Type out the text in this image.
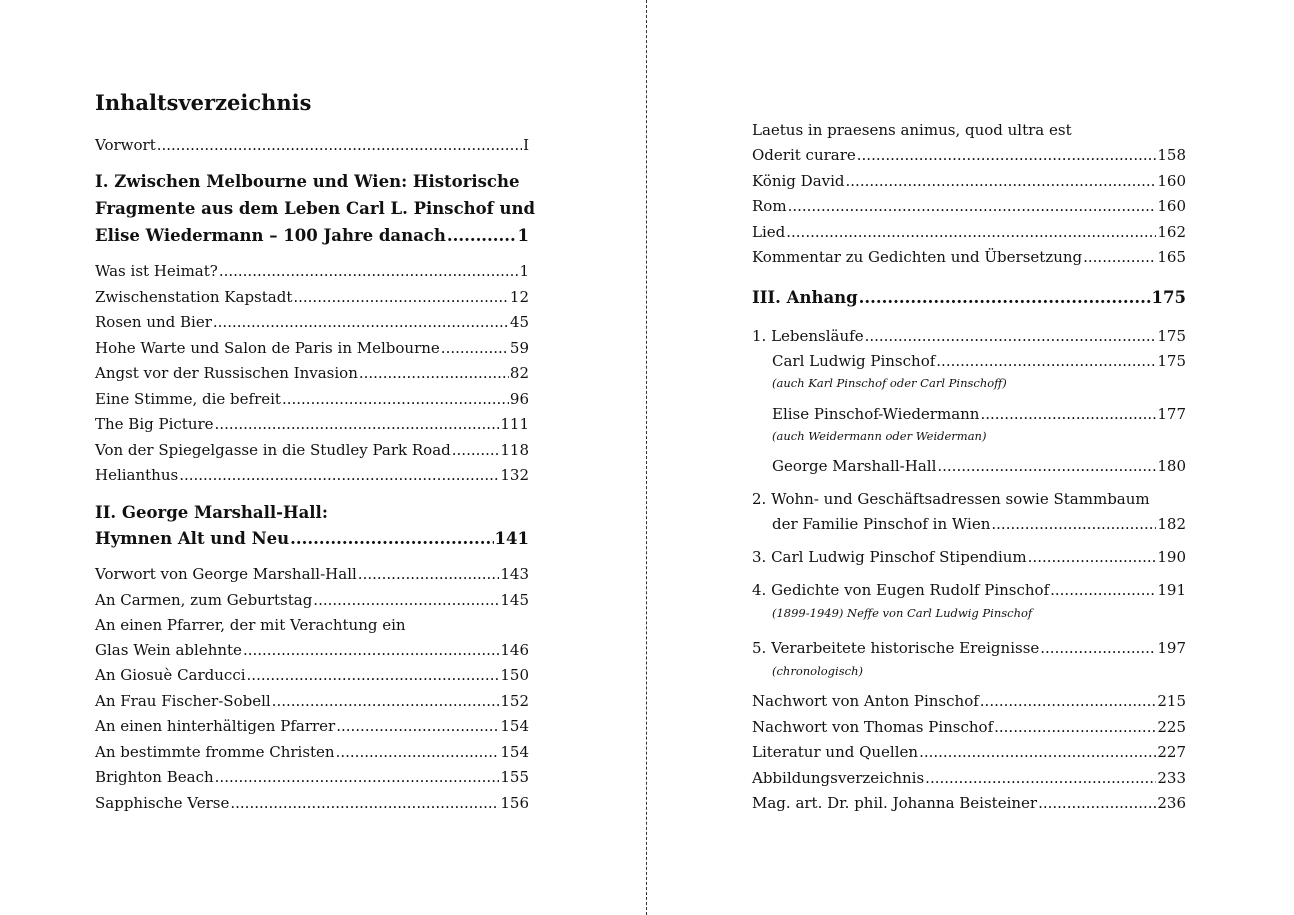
Inhaltsverzeichnis
Vorwort .....	I
I. Zwischen Melbourne und Wien: Historische
Fragmente aus dem Leben Carl L. Pinschof und
Elise Wiedermann – 100 Jahre danach .....	1
Was ist Heimat? .....	1
Zwischenstation Kapstadt .....	12
Rosen und Bier .....	45
Hohe Warte und Salon de Paris in Melbourne .....	59
Angst vor der Russischen Invasion .....	82
Eine Stimme, die befreit .....	96
The Big Picture .....	111
Von der Spiegelgasse in die Studley Park Road .....	118
Helianthus .....	132
II. George Marshall-Hall:
Hymnen Alt und Neu .....	141
Vorwort von George Marshall-Hall .....	143
An Carmen, zum Geburtstag .....	145
An einen Pfarrer, der mit Verachtung ein
Glas Wein ablehnte .....	146
An Giosuè Carducci .....	150
An Frau Fischer-Sobell .....	152
An einen hinterhältigen Pfarrer .....	154
An bestimmte fromme Christen .....	154
Brighton Beach .....	155
Sapphische Verse .....	156
Laetus in praesens animus, quod ultra est
Oderit curare .....	158
König David .....	160
Rom .....	160
Lied .....	162
Kommentar zu Gedichten und Übersetzung .....	165
III. Anhang .....	175
1. Lebensläufe .....	175
Carl Ludwig Pinschof .....	175
(auch Karl Pinschof oder Carl Pinschoff)
Elise Pinschof-Wiedermann .....	177
(auch Weidermann oder Weiderman)
George Marshall-Hall .....	180
2. Wohn- und Geschäftsadressen sowie Stammbaum
der Familie Pinschof in Wien .....	182
3. Carl Ludwig Pinschof Stipendium .....	190
4. Gedichte von Eugen Rudolf Pinschof .....	191
(1899-1949) Neffe von Carl Ludwig Pinschof
5. Verarbeitete historische Ereignisse .....	197
(chronologisch)
Nachwort von Anton Pinschof .....	215
Nachwort von Thomas Pinschof .....	225
Literatur und Quellen .....	227
Abbildungsverzeichnis .....	233
Mag. art. Dr. phil. Johanna Beisteiner .....	236
